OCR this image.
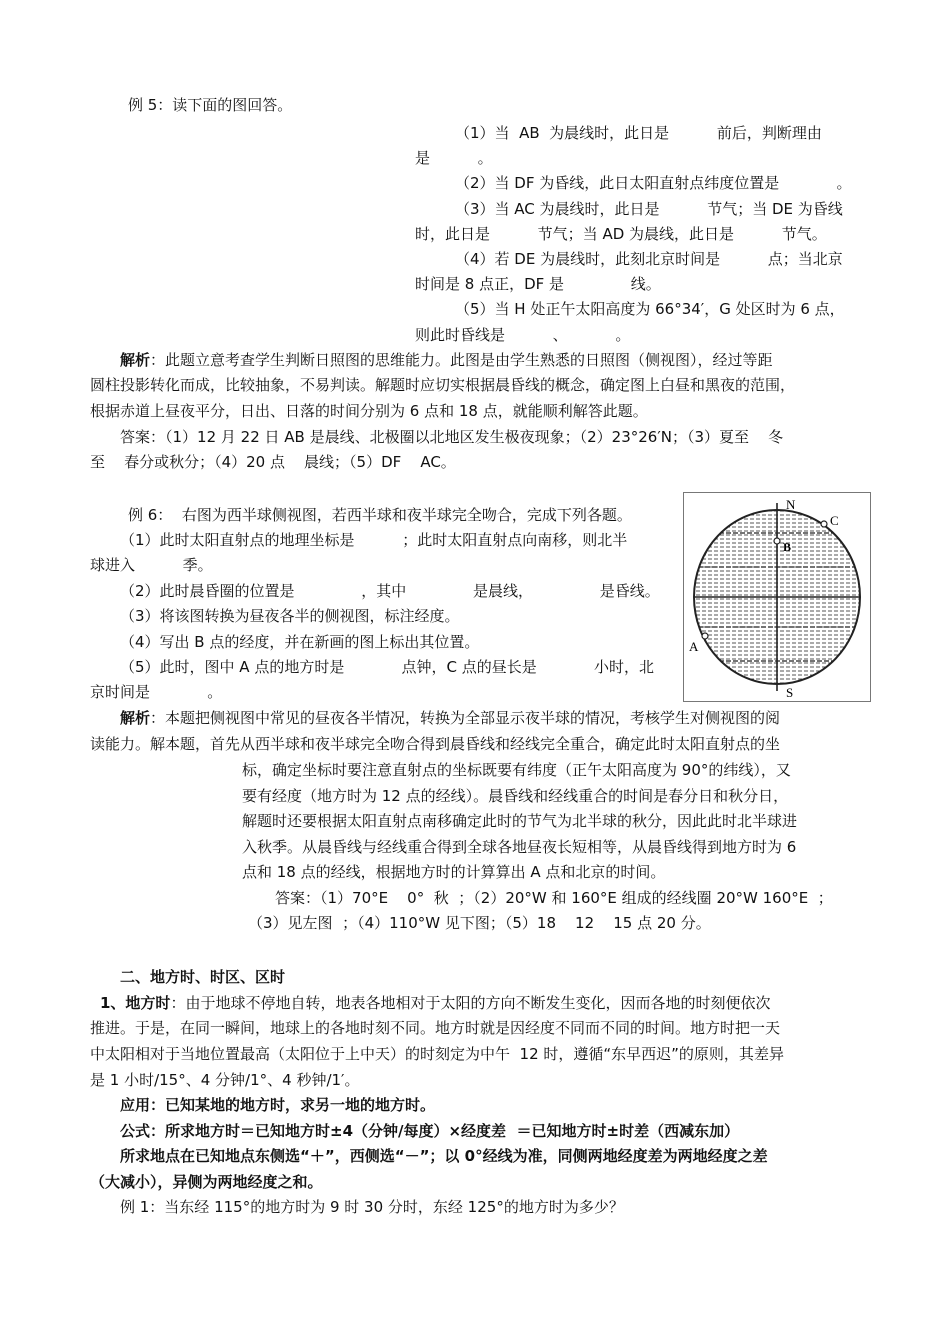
例 5：读下面的图回答。
（1）当  AB  为晨线时，此日是          前后，判断理由
是          。
（2）当 DF 为昏线，此日太阳直射点纬度位置是            。
（3）当 AC 为晨线时，此日是          节气；当 DE 为昏线
时，此日是          节气；当 AD 为晨线，此日是          节气。
（4）若 DE 为晨线时，此刻北京时间是          点；当北京
时间是 8 点正，DF 是              线。
（5）当 H 处正午太阳高度为 66°34′，G 处区时为 6 点，
则此时昏线是          、          。
解析：此题立意考查学生判断日照图的思维能力。此图是由学生熟悉的日照图（侧视图），经过等距
圆柱投影转化而成，比较抽象，不易判读。解题时应切实根据晨昏线的概念，确定图上白昼和黑夜的范围，
根据赤道上昼夜平分，日出、日落的时间分别为 6 点和 18 点，就能顺利解答此题。
答案：（1）12 月 22 日 AB 是晨线、北极圈以北地区发生极夜现象；（2）23°26′N；（3）夏至    冬
至    春分或秋分；（4）20 点    晨线；（5）DF    AC。
例 6：  右图为西半球侧视图，若西半球和夜半球完全吻合，完成下列各题。
（1）此时太阳直射点的地理坐标是          ；此时太阳直射点向南移，则北半
球进入          季。
（2）此时晨昏圈的位置是              ，其中              是晨线，              是昏线。
（3）将该图转换为昼夜各半的侧视图，标注经度。
（4）写出 B 点的经度，并在新画的图上标出其位置。
（5）此时，图中 A 点的地方时是            点钟，C 点的昼长是            小时，北
京时间是            。
N
S
C
B
A
解析：本题把侧视图中常见的昼夜各半情况，转换为全部显示夜半球的情况，考核学生对侧视图的阅
读能力。解本题，首先从西半球和夜半球完全吻合得到晨昏线和经线完全重合，确定此时太阳直射点的坐
标，确定坐标时要注意直射点的坐标既要有纬度（正午太阳高度为 90°的纬线），又
要有经度（地方时为 12 点的经线）。晨昏线和经线重合的时间是春分日和秋分日，
解题时还要根据太阳直射点南移确定此时的节气为北半球的秋分，因此此时北半球进
入秋季。从晨昏线与经线重合得到全球各地昼夜长短相等，从晨昏线得到地方时为 6
点和 18 点的经线，根据地方时的计算算出 A 点和北京的时间。
答案：（1）70°E    0°  秋  ；（2）20°W 和 160°E 组成的经线圈 20°W 160°E  ；
（3）见左图  ；（4）110°W 见下图；（5）18    12    15 点 20 分。
二、地方时、时区、区时
1、地方时：由于地球不停地自转，地表各地相对于太阳的方向不断发生变化，因而各地的时刻便依次
推进。于是，在同一瞬间，地球上的各地时刻不同。地方时就是因经度不同而不同的时间。地方时把一天
中太阳相对于当地位置最高（太阳位于上中天）的时刻定为中午  12 时，遵循“东早西迟”的原则，其差异
是 1 小时/15°、4 分钟/1°、4 秒钟/1′。
应用：已知某地的地方时，求另一地的地方时。
公式：所求地方时＝已知地方时±4（分钟/每度）×经度差  ＝已知地方时±时差（西减东加）
所求地点在已知地点东侧选“＋”，西侧选“－”；以 0°经线为准，同侧两地经度差为两地经度之差
（大减小），异侧为两地经度之和。
例 1：当东经 115°的地方时为 9 时 30 分时，东经 125°的地方时为多少？
